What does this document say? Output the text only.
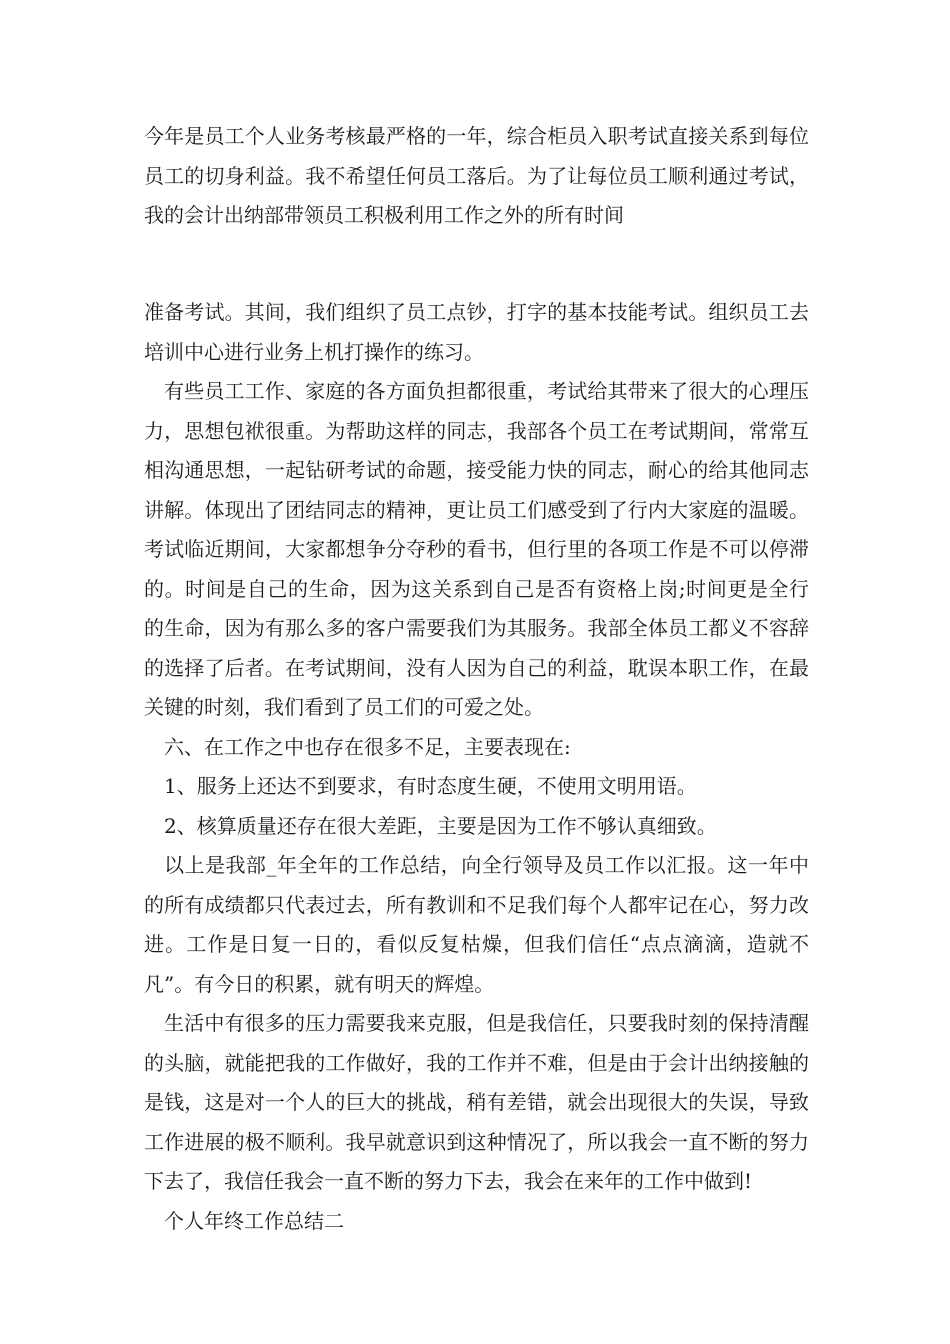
今年是员工个人业务考核最严格的一年，综合柜员入职考试直接关系到每位员工的切身利益。我不希望任何员工落后。为了让每位员工顺利通过考试，我的会计出纳部带领员工积极利用工作之外的所有时间

准备考试。其间，我们组织了员工点钞，打字的基本技能考试。组织员工去培训中心进行业务上机打操作的练习。

有些员工工作、家庭的各方面负担都很重，考试给其带来了很大的心理压力，思想包袱很重。为帮助这样的同志，我部各个员工在考试期间，常常互相沟通思想，一起钻研考试的命题，接受能力快的同志，耐心的给其他同志讲解。体现出了团结同志的精神，更让员工们感受到了行内大家庭的温暖。考试临近期间，大家都想争分夺秒的看书，但行里的各项工作是不可以停滞的。时间是自己的生命，因为这关系到自己是否有资格上岗;时间更是全行的生命，因为有那么多的客户需要我们为其服务。我部全体员工都义不容辞的选择了后者。在考试期间，没有人因为自己的利益，耽误本职工作，在最关键的时刻，我们看到了员工们的可爱之处。

六、在工作之中也存在很多不足，主要表现在:

1、服务上还达不到要求，有时态度生硬，不使用文明用语。

2、核算质量还存在很大差距，主要是因为工作不够认真细致。

以上是我部_年全年的工作总结，向全行领导及员工作以汇报。这一年中的所有成绩都只代表过去，所有教训和不足我们每个人都牢记在心，努力改进。工作是日复一日的，看似反复枯燥，但我们信任“点点滴滴，造就不凡”。有今日的积累，就有明天的辉煌。

生活中有很多的压力需要我来克服，但是我信任，只要我时刻的保持清醒的头脑，就能把我的工作做好，我的工作并不难，但是由于会计出纳接触的是钱，这是对一个人的巨大的挑战，稍有差错，就会出现很大的失误，导致工作进展的极不顺利。我早就意识到这种情况了，所以我会一直不断的努力下去了，我信任我会一直不断的努力下去，我会在来年的工作中做到!

个人年终工作总结二
